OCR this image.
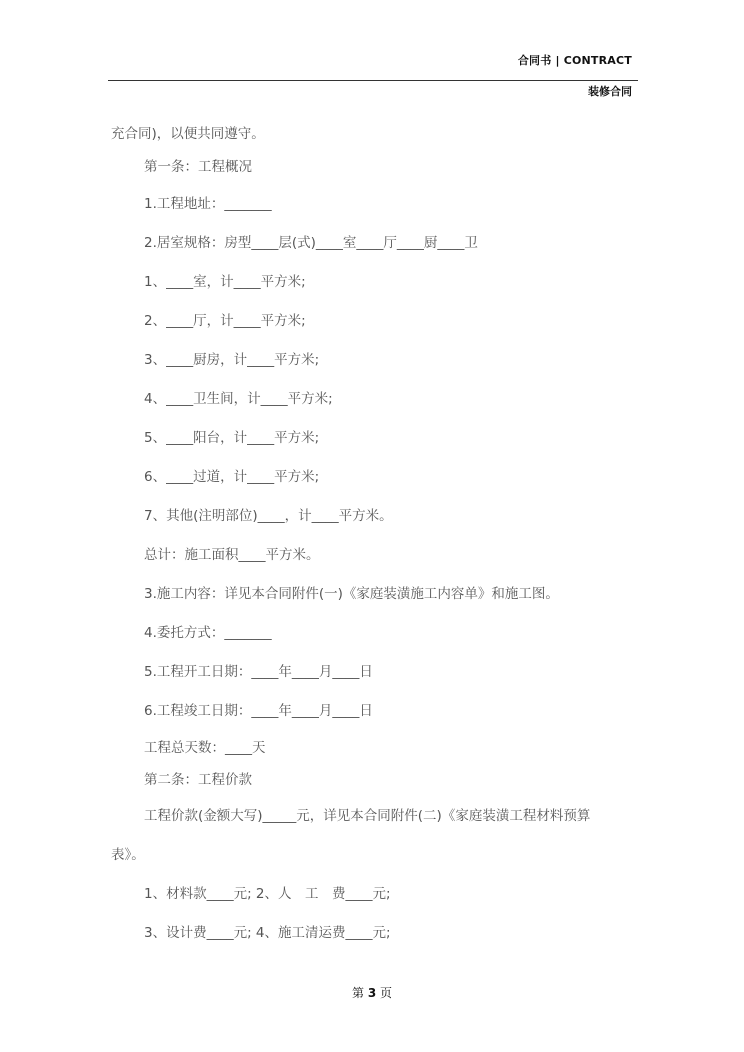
合同书 | CONTRACT
装修合同
充合同)，以便共同遵守。
第一条：工程概况
1.工程地址：_______
2.居室规格：房型____层(式)____室____厅____厨____卫
1、____室，计____平方米;
2、____厅，计____平方米;
3、____厨房，计____平方米;
4、____卫生间，计____平方米;
5、____阳台，计____平方米;
6、____过道，计____平方米;
7、其他(注明部位)____，计____平方米。
总计：施工面积____平方米。
3.施工内容：详见本合同附件(一)《家庭装潢施工内容单》和施工图。
4.委托方式：_______
5.工程开工日期：____年____月____日
6.工程竣工日期：____年____月____日
工程总天数：____天
第二条：工程价款
工程价款(金额大写)_____元，详见本合同附件(二)《家庭装潢工程材料预算
表》。
1、材料款____元; 2、人　工　费____元;
3、设计费____元; 4、施工清运费____元;
第 3 页
